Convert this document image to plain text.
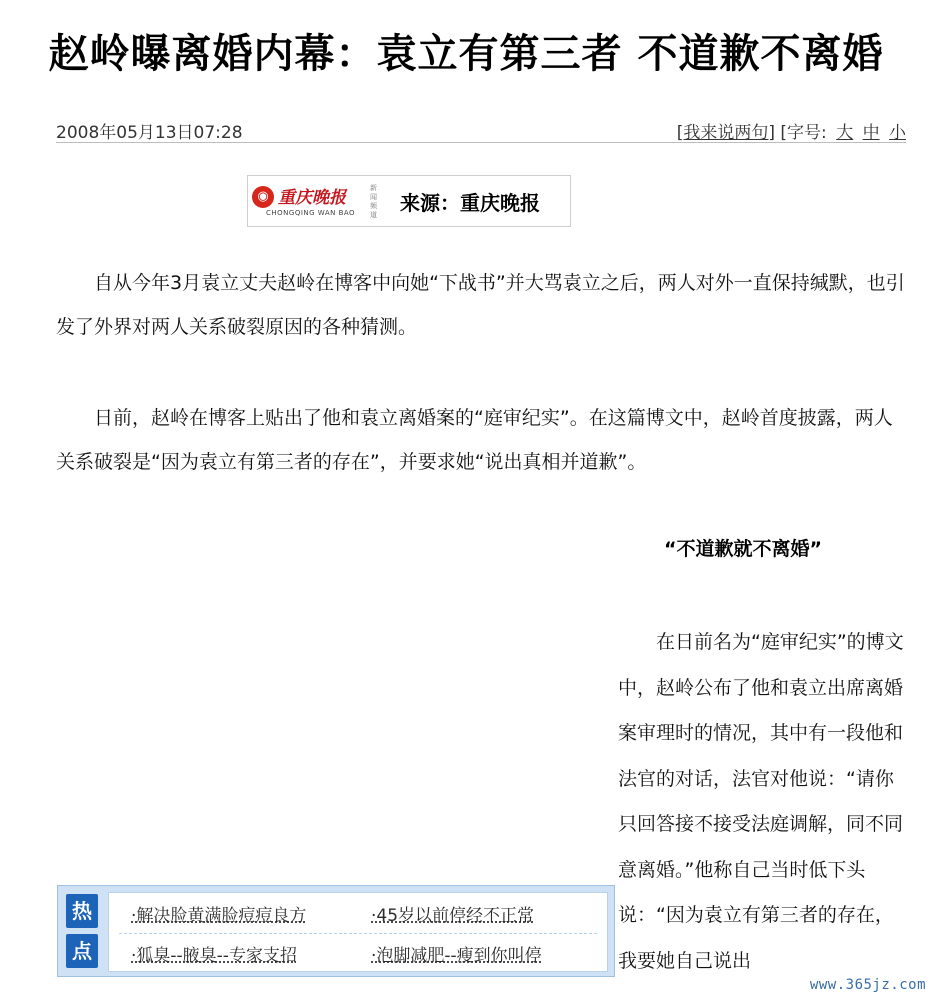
赵岭曝离婚内幕：袁立有第三者 不道歉不离婚
2008年05月13日07:28	[我来说两句] [字号: 大 中 小
◉ 重庆晚报
CHONGQING WAN BAO
新闻频道 来源：重庆晚报
自从今年3月袁立丈夫赵岭在博客中向她“下战书”并大骂袁立之后，两人对外一直保持缄默，也引发了外界对两人关系破裂原因的各种猜测。
日前，赵岭在博客上贴出了他和袁立离婚案的“庭审纪实”。在这篇博文中，赵岭首度披露，两人关系破裂是“因为袁立有第三者的存在”，并要求她“说出真相并道歉”。
“不道歉就不离婚”
在日前名为“庭审纪实”的博文中，赵岭公布了他和袁立出席离婚案审理时的情况，其中有一段他和法官的对话，法官对他说：“请你只回答接不接受法庭调解，同不同意离婚。”他称自己当时低下头说：“因为袁立有第三者的存在，我要她自己说出
热
点
·解决脸黄满脸痘痘良方	·45岁以前停经不正常
·狐臭--腋臭--专家支招	·泡脚减肥--瘦到你叫停
www.365jz.com
